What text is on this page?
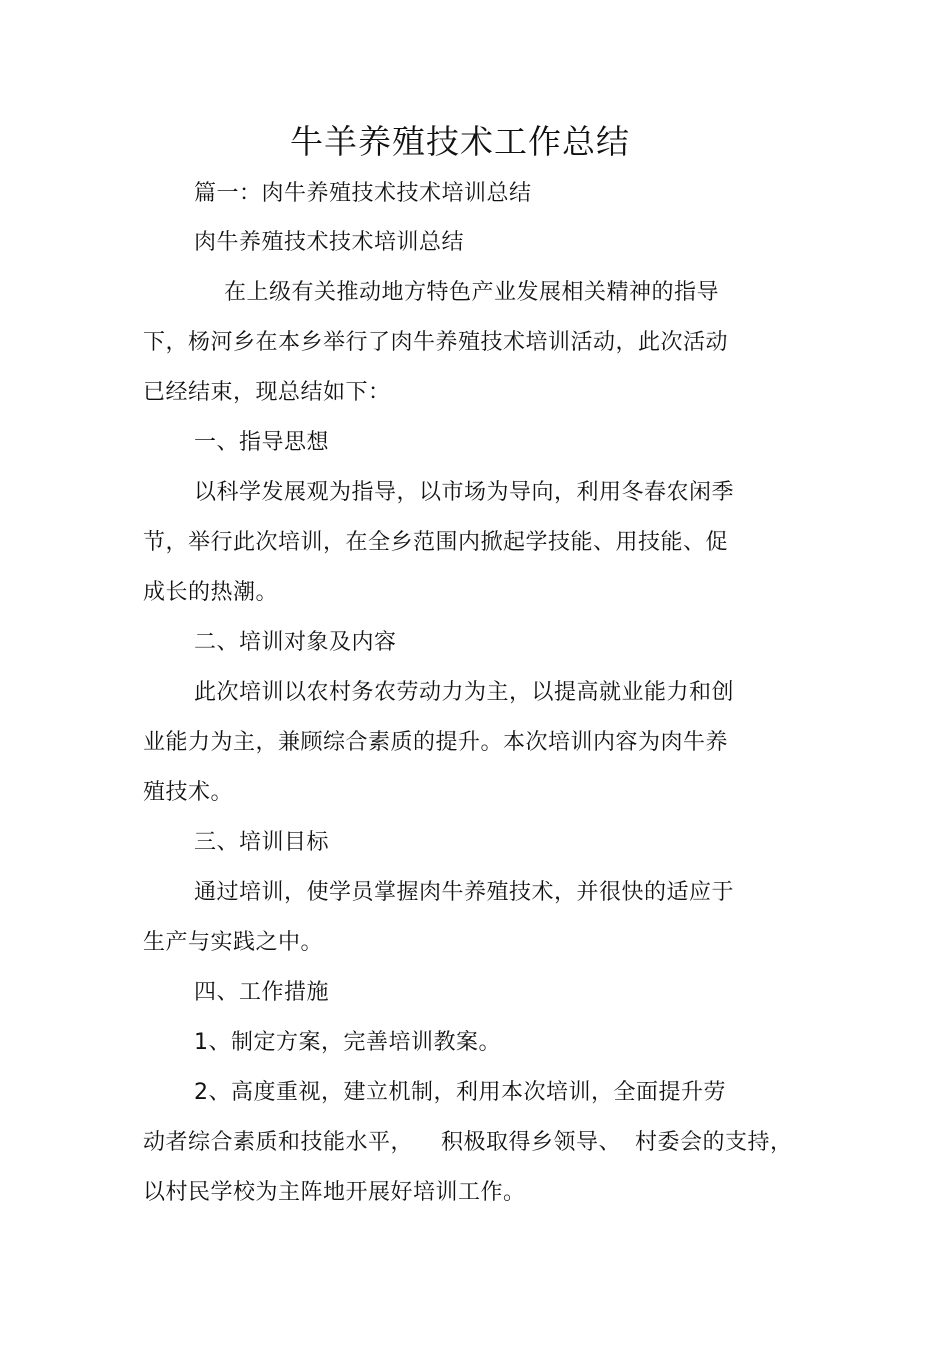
牛羊养殖技术工作总结
篇一：肉牛养殖技术技术培训总结
肉牛养殖技术技术培训总结
在上级有关推动地方特色产业发展相关精神的指导
下，杨河乡在本乡举行了肉牛养殖技术培训活动，此次活动
已经结束，现总结如下：
一、指导思想
以科学发展观为指导，以市场为导向，利用冬春农闲季
节，举行此次培训，在全乡范围内掀起学技能、用技能、促
成长的热潮。
二、培训对象及内容
此次培训以农村务农劳动力为主，以提高就业能力和创
业能力为主，兼顾综合素质的提升。本次培训内容为肉牛养
殖技术。
三、培训目标
通过培训，使学员掌握肉牛养殖技术，并很快的适应于
生产与实践之中。
四、工作措施
1、制定方案，完善培训教案。
2、高度重视，建立机制，利用本次培训，全面提升劳
动者综合素质和技能水平， 积极取得乡领导、 村委会的支持，
以村民学校为主阵地开展好培训工作。
